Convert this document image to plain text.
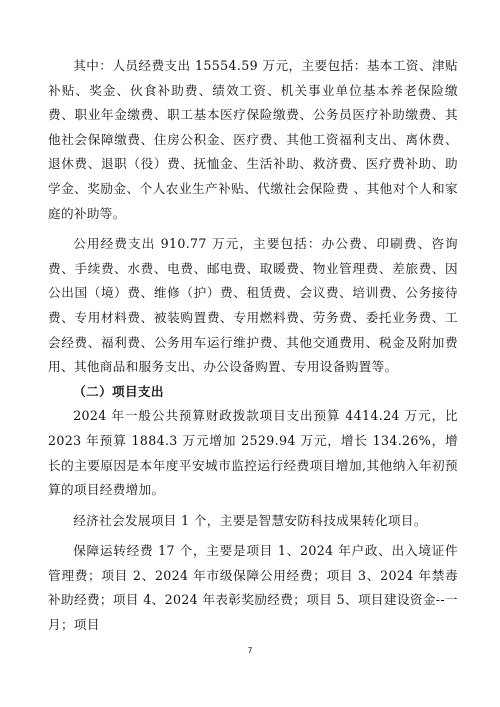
其中：人员经费支出 15554.59 万元，主要包括：基本工资、津贴补贴、奖金、伙食补助费、绩效工资、机关事业单位基本养老保险缴费、职业年金缴费、职工基本医疗保险缴费、公务员医疗补助缴费、其他社会保障缴费、住房公积金、医疗费、其他工资福利支出、离休费、退休费、退职（役）费、抚恤金、生活补助、救济费、医疗费补助、助学金、奖励金、个人农业生产补贴、代缴社会保险费 、其他对个人和家庭的补助等。

公用经费支出 910.77 万元，主要包括：办公费、印刷费、咨询费、手续费、水费、电费、邮电费、取暖费、物业管理费、差旅费、因公出国（境）费、维修（护）费、租赁费、会议费、培训费、公务接待费、专用材料费、被装购置费、专用燃料费、劳务费、委托业务费、工会经费、福利费、公务用车运行维护费、其他交通费用、税金及附加费用、其他商品和服务支出、办公设备购置、专用设备购置等。

（二）项目支出

2024 年一般公共预算财政拨款项目支出预算 4414.24 万元，比 2023 年预算 1884.3 万元增加 2529.94 万元，增长 134.26%，增长的主要原因是本年度平安城市监控运行经费项目增加,其他纳入年初预算的项目经费增加。

经济社会发展项目 1 个，主要是智慧安防科技成果转化项目。

保障运转经费 17 个，主要是项目 1、2024 年户政、出入境证件管理费；项目 2、2024 年市级保障公用经费；项目 3、2024 年禁毒补助经费；项目 4、2024 年表彰奖励经费；项目 5、项目建设资金--一月；项目

7
